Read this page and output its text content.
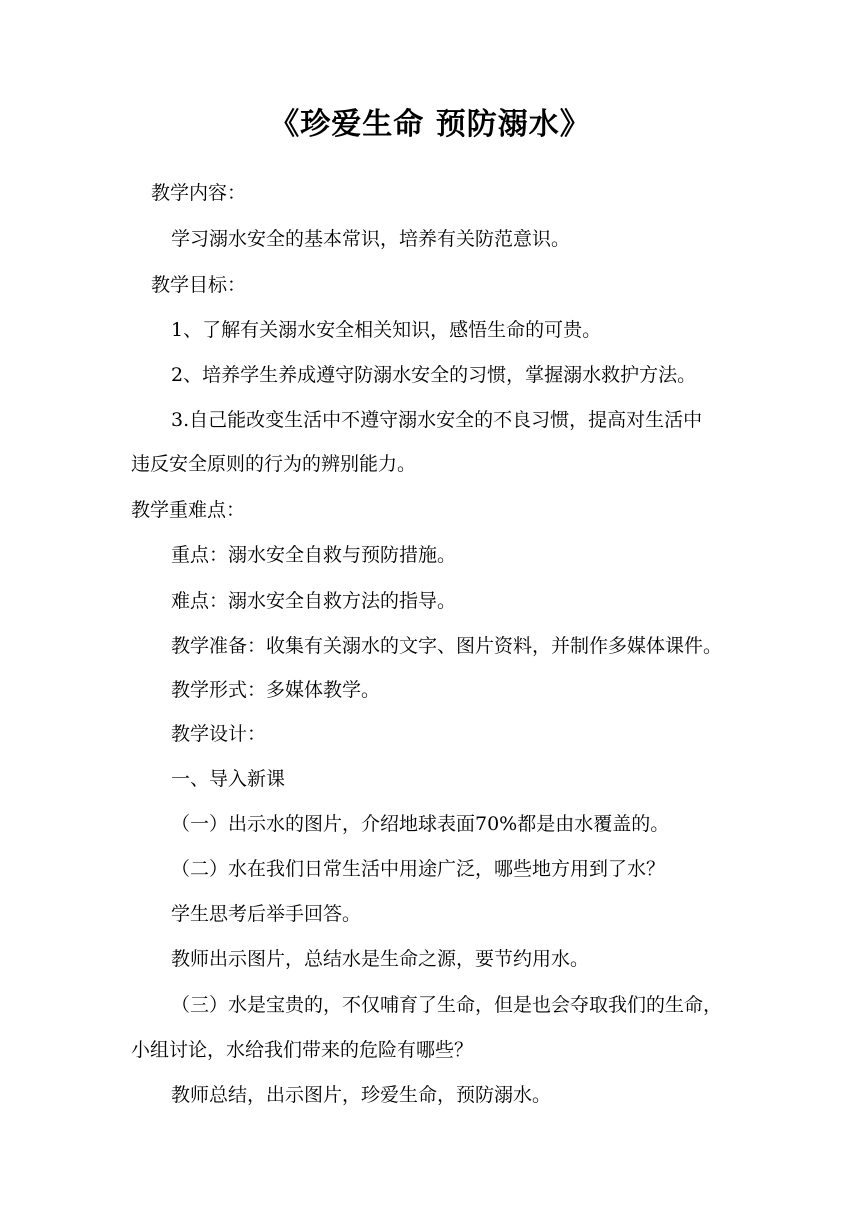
《珍爱生命 预防溺水》
教学内容：
学习溺水安全的基本常识，培养有关防范意识。
教学目标：
1、了解有关溺水安全相关知识，感悟生命的可贵。
2、培养学生养成遵守防溺水安全的习惯，掌握溺水救护方法。
3.自己能改变生活中不遵守溺水安全的不良习惯，提高对生活中
违反安全原则的行为的辨别能力。
教学重难点：
重点：溺水安全自救与预防措施。
难点：溺水安全自救方法的指导。
教学准备：收集有关溺水的文字、图片资料，并制作多媒体课件。
教学形式：多媒体教学。
教学设计：
一、导入新课
（一）出示水的图片，介绍地球表面70%都是由水覆盖的。
（二）水在我们日常生活中用途广泛，哪些地方用到了水？
学生思考后举手回答。
教师出示图片，总结水是生命之源，要节约用水。
（三）水是宝贵的，不仅哺育了生命，但是也会夺取我们的生命，
小组讨论，水给我们带来的危险有哪些？
教师总结，出示图片，珍爱生命，预防溺水。
